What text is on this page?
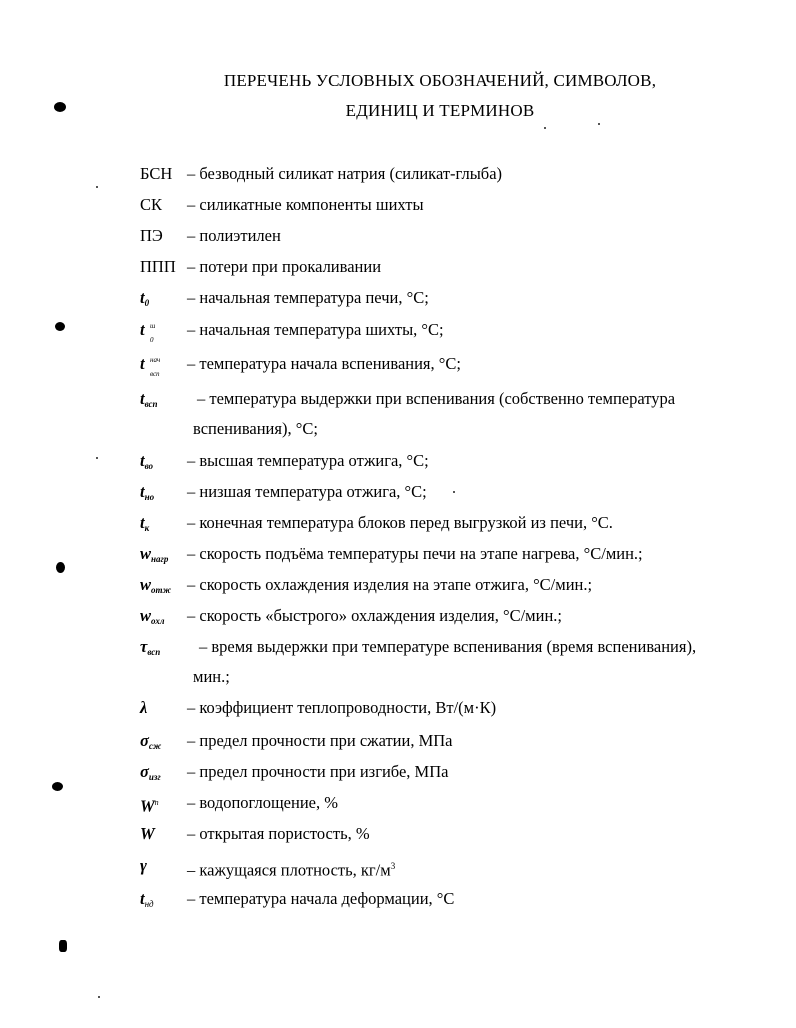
ПЕРЕЧЕНЬ УСЛОВНЫХ ОБОЗНАЧЕНИЙ, СИМВОЛОВ,
ЕДИНИЦ И ТЕРМИНОВ
БСН – безводный силикат натрия (силикат-глыба)
СК – силикатные компоненты шихты
ПЭ – полиэтилен
ППП – потери при прокаливании
t0 – начальная температура печи, °С;
t ш
0
– начальная температура шихты, °С;
t нач
всп
– температура начала вспенивания, °С;
tвсп – температура выдержки при вспенивания (собственно температура
вспенивания), °С;
tво – высшая температура отжига, °С;
tно – низшая температура отжига, °С;
tк – конечная температура блоков перед выгрузкой из печи, °С.
wнагр – скорость подъёма температуры печи на этапе нагрева, °С/мин.;
wотж – скорость охлаждения изделия на этапе отжига, °С/мин.;
wохл – скорость «быстрого» охлаждения изделия, °С/мин.;
τвсп – время выдержки при температуре вспенивания (время вспенивания),
мин.;
λ – коэффициент теплопроводности, Вт/(м·К)
σсж – предел прочности при сжатии, МПа
σизг – предел прочности при изгибе, МПа
$W^п$ – водопоглощение, %
W – открытая пористость, %
γ – кажущаяся плотность, $кг/м^3$
$t_{нд}$ – температура начала деформации, °С
